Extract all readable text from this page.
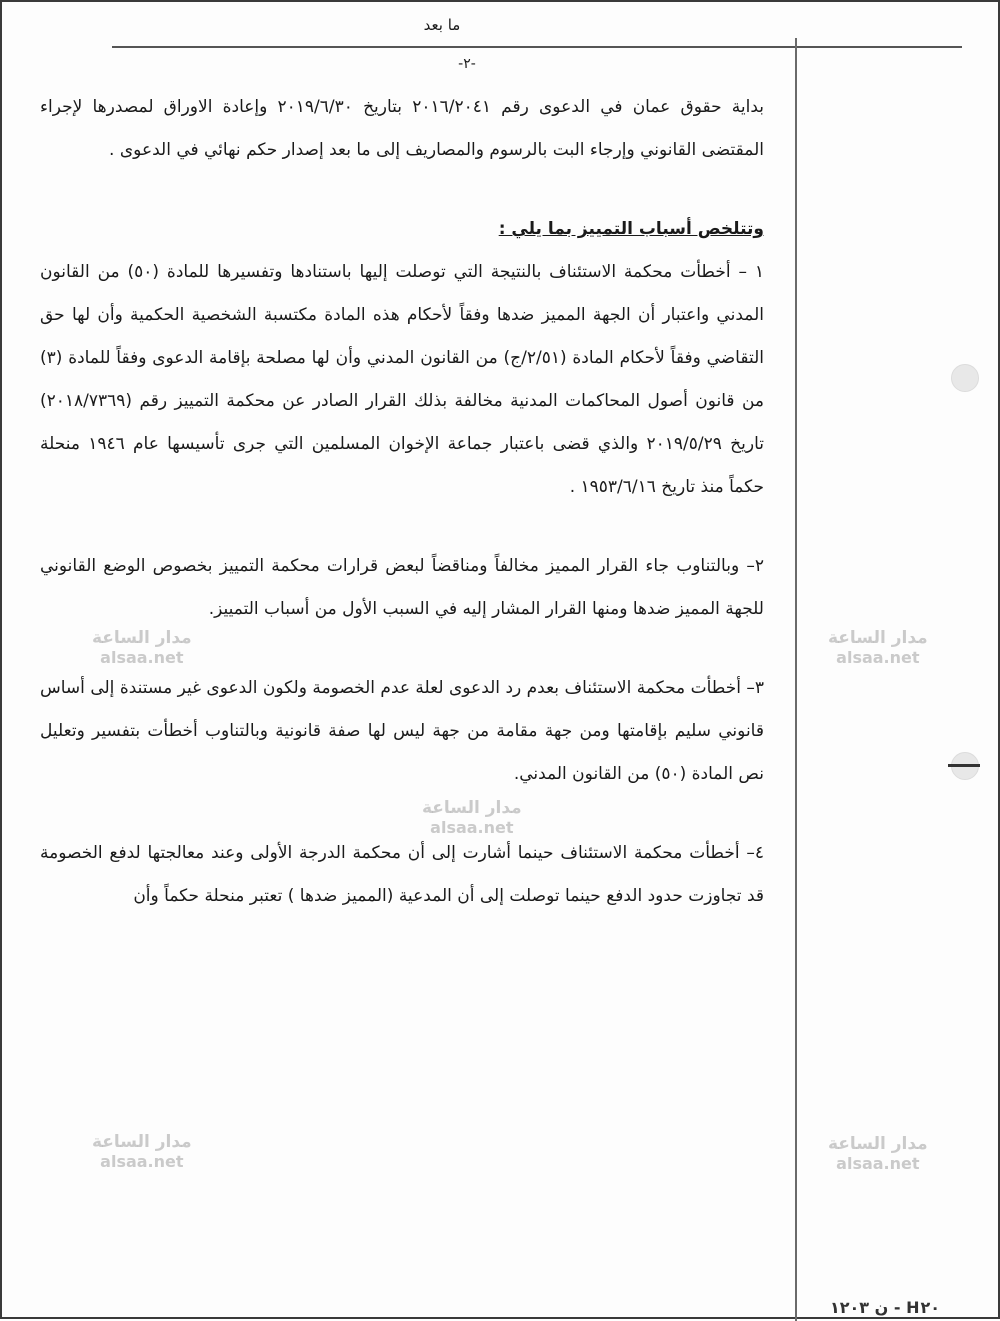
ما بعد
-٢-

بداية حقوق عمان في الدعوى رقم ٢٠١٦/٢٠٤١ بتاريخ ٢٠١٩/٦/٣٠ وإعادة الاوراق لمصدرها لإجراء المقتضى القانوني وإرجاء البت بالرسوم والمصاريف إلى ما بعد إصدار حكم نهائي في الدعوى .

وتتلخص أسباب التمييز بما يلي :

١ – أخطأت محكمة الاستئناف بالنتيجة التي توصلت إليها باستنادها وتفسيرها للمادة (٥٠) من القانون المدني واعتبار أن الجهة المميز ضدها وفقاً لأحكام هذه المادة مكتسبة الشخصية الحكمية وأن لها حق التقاضي وفقاً لأحكام المادة (٢/٥١/ج) من القانون المدني وأن لها مصلحة بإقامة الدعوى وفقاً للمادة (٣) من قانون أصول المحاكمات المدنية مخالفة بذلك القرار الصادر عن محكمة التمييز رقم (٢٠١٨/٧٣٦٩) تاريخ ٢٠١٩/٥/٢٩ والذي قضى باعتبار جماعة الإخوان المسلمين التي جرى تأسيسها عام ١٩٤٦ منحلة حكماً منذ تاريخ ١٩٥٣/٦/١٦ .

٢– وبالتناوب جاء القرار المميز مخالفاً ومناقضاً لبعض قرارات محكمة التمييز بخصوص الوضع القانوني للجهة المميز ضدها ومنها القرار المشار إليه في السبب الأول من أسباب التمييز.

٣– أخطأت محكمة الاستئناف بعدم رد الدعوى لعلة عدم الخصومة ولكون الدعوى غير مستندة إلى أساس قانوني سليم بإقامتها ومن جهة مقامة من جهة ليس لها صفة قانونية وبالتناوب أخطأت بتفسير وتعليل نص المادة (٥٠) من القانون المدني.

٤– أخطأت محكمة الاستئناف حينما أشارت إلى أن محكمة الدرجة الأولى وعند معالجتها لدفع الخصومة قد تجاوزت حدود الدفع حينما توصلت إلى أن المدعية (المميز ضدها ) تعتبر منحلة حكماً وأن

مدار الساعة
alsaa.net
مدار الساعة
alsaa.net
مدار الساعة
alsaa.net
مدار الساعة
alsaa.net
مدار الساعة
alsaa.net
ن ١٢٠٣ - H٢٠
